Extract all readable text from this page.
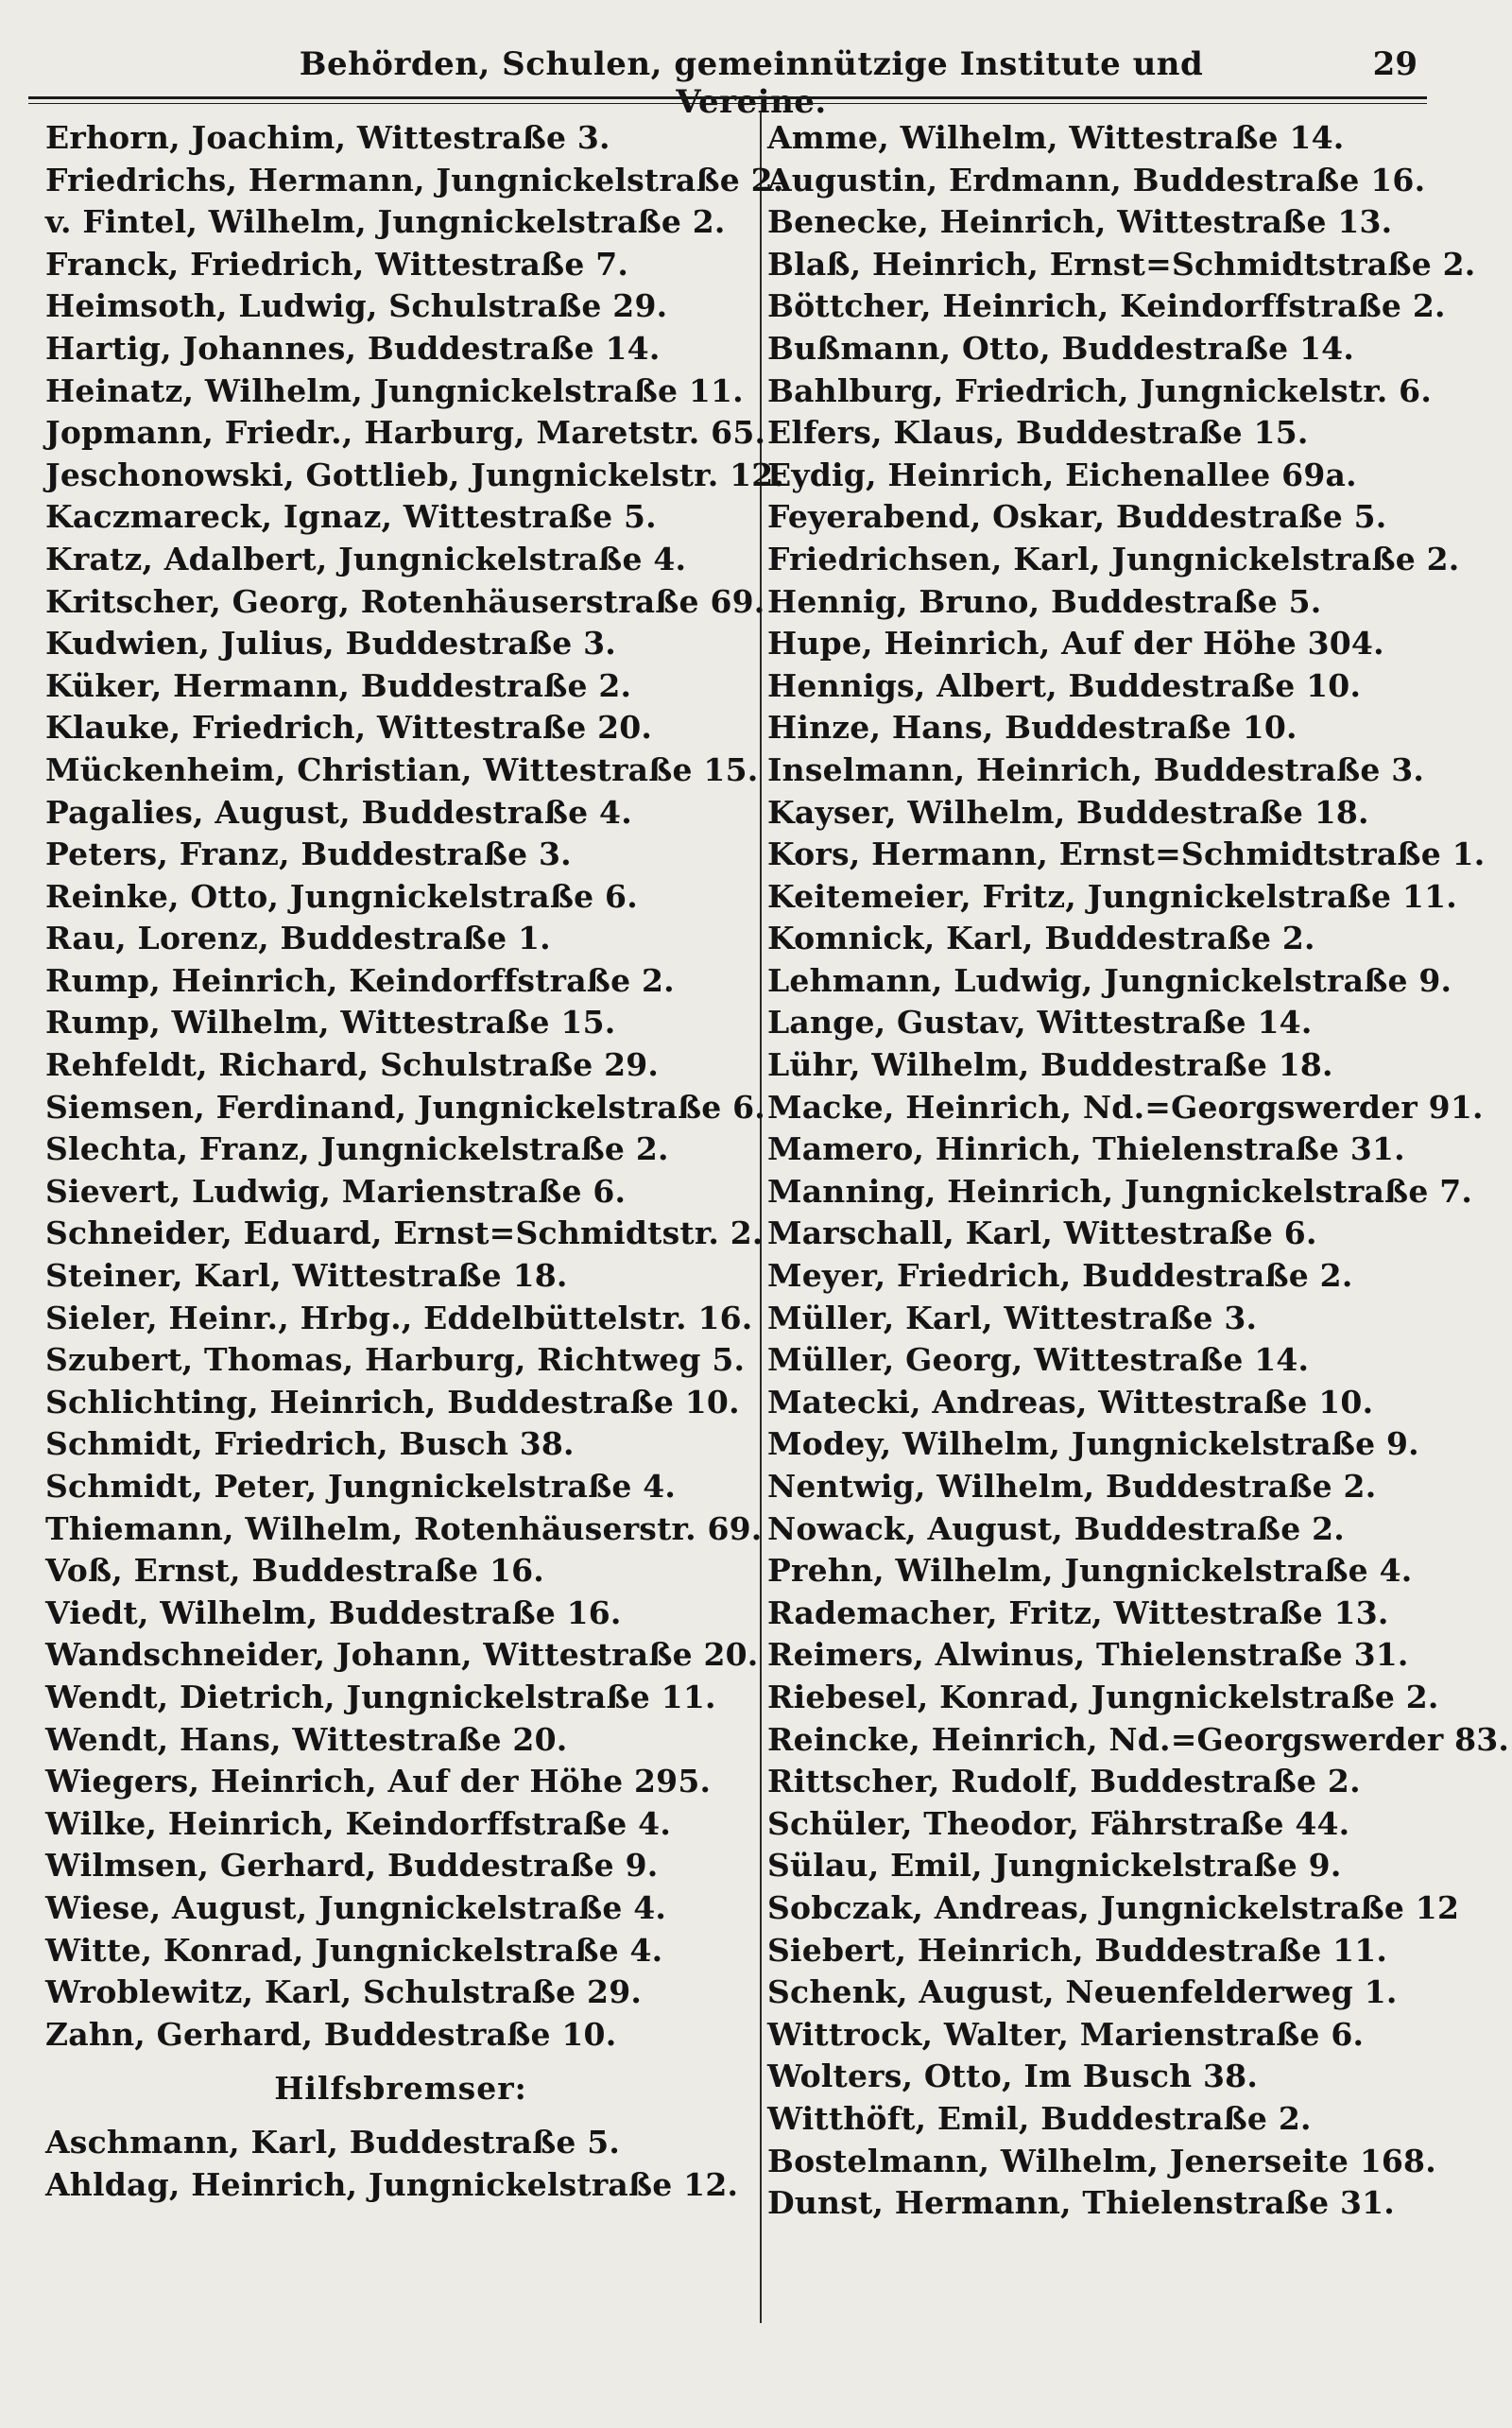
Behörden, Schulen, gemeinnützige Institute und Vereine.
29
Erhorn, Joachim, Wittestraße 3.
Friedrichs, Hermann, Jungnickelstraße 2.
v. Fintel, Wilhelm, Jungnickelstraße 2.
Franck, Friedrich, Wittestraße 7.
Heimsoth, Ludwig, Schulstraße 29.
Hartig, Johannes, Buddestraße 14.
Heinatz, Wilhelm, Jungnickelstraße 11.
Jopmann, Friedr., Harburg, Maretstr. 65.
Jeschonowski, Gottlieb, Jungnickelstr. 12.
Kaczmareck, Ignaz, Wittestraße 5.
Kratz, Adalbert, Jungnickelstraße 4.
Kritscher, Georg, Rotenhäuserstraße 69.
Kudwien, Julius, Buddestraße 3.
Küker, Hermann, Buddestraße 2.
Klauke, Friedrich, Wittestraße 20.
Mückenheim, Christian, Wittestraße 15.
Pagalies, August, Buddestraße 4.
Peters, Franz, Buddestraße 3.
Reinke, Otto, Jungnickelstraße 6.
Rau, Lorenz, Buddestraße 1.
Rump, Heinrich, Keindorffstraße 2.
Rump, Wilhelm, Wittestraße 15.
Rehfeldt, Richard, Schulstraße 29.
Siemsen, Ferdinand, Jungnickelstraße 6.
Slechta, Franz, Jungnickelstraße 2.
Sievert, Ludwig, Marienstraße 6.
Schneider, Eduard, Ernst=Schmidtstr. 2.
Steiner, Karl, Wittestraße 18.
Sieler, Heinr., Hrbg., Eddelbüttelstr. 16.
Szubert, Thomas, Harburg, Richtweg 5.
Schlichting, Heinrich, Buddestraße 10.
Schmidt, Friedrich, Busch 38.
Schmidt, Peter, Jungnickelstraße 4.
Thiemann, Wilhelm, Rotenhäuserstr. 69.
Voß, Ernst, Buddestraße 16.
Viedt, Wilhelm, Buddestraße 16.
Wandschneider, Johann, Wittestraße 20.
Wendt, Dietrich, Jungnickelstraße 11.
Wendt, Hans, Wittestraße 20.
Wiegers, Heinrich, Auf der Höhe 295.
Wilke, Heinrich, Keindorffstraße 4.
Wilmsen, Gerhard, Buddestraße 9.
Wiese, August, Jungnickelstraße 4.
Witte, Konrad, Jungnickelstraße 4.
Wroblewitz, Karl, Schulstraße 29.
Zahn, Gerhard, Buddestraße 10.
Hilfsbremser:
Aschmann, Karl, Buddestraße 5.
Ahldag, Heinrich, Jungnickelstraße 12.
Amme, Wilhelm, Wittestraße 14.
Augustin, Erdmann, Buddestraße 16.
Benecke, Heinrich, Wittestraße 13.
Blaß, Heinrich, Ernst=Schmidtstraße 2.
Böttcher, Heinrich, Keindorffstraße 2.
Bußmann, Otto, Buddestraße 14.
Bahlburg, Friedrich, Jungnickelstr. 6.
Elfers, Klaus, Buddestraße 15.
Eydig, Heinrich, Eichenallee 69a.
Feyerabend, Oskar, Buddestraße 5.
Friedrichsen, Karl, Jungnickelstraße 2.
Hennig, Bruno, Buddestraße 5.
Hupe, Heinrich, Auf der Höhe 304.
Hennigs, Albert, Buddestraße 10.
Hinze, Hans, Buddestraße 10.
Inselmann, Heinrich, Buddestraße 3.
Kayser, Wilhelm, Buddestraße 18.
Kors, Hermann, Ernst=Schmidtstraße 1.
Keitemeier, Fritz, Jungnickelstraße 11.
Komnick, Karl, Buddestraße 2.
Lehmann, Ludwig, Jungnickelstraße 9.
Lange, Gustav, Wittestraße 14.
Lühr, Wilhelm, Buddestraße 18.
Macke, Heinrich, Nd.=Georgswerder 91.
Mamero, Hinrich, Thielenstraße 31.
Manning, Heinrich, Jungnickelstraße 7.
Marschall, Karl, Wittestraße 6.
Meyer, Friedrich, Buddestraße 2.
Müller, Karl, Wittestraße 3.
Müller, Georg, Wittestraße 14.
Matecki, Andreas, Wittestraße 10.
Modey, Wilhelm, Jungnickelstraße 9.
Nentwig, Wilhelm, Buddestraße 2.
Nowack, August, Buddestraße 2.
Prehn, Wilhelm, Jungnickelstraße 4.
Rademacher, Fritz, Wittestraße 13.
Reimers, Alwinus, Thielenstraße 31.
Riebesel, Konrad, Jungnickelstraße 2.
Reincke, Heinrich, Nd.=Georgswerder 83.
Rittscher, Rudolf, Buddestraße 2.
Schüler, Theodor, Fährstraße 44.
Sülau, Emil, Jungnickelstraße 9.
Sobczak, Andreas, Jungnickelstraße 12
Siebert, Heinrich, Buddestraße 11.
Schenk, August, Neuenfelderweg 1.
Wittrock, Walter, Marienstraße 6.
Wolters, Otto, Im Busch 38.
Witthöft, Emil, Buddestraße 2.
Bostelmann, Wilhelm, Jenerseite 168.
Dunst, Hermann, Thielenstraße 31.
